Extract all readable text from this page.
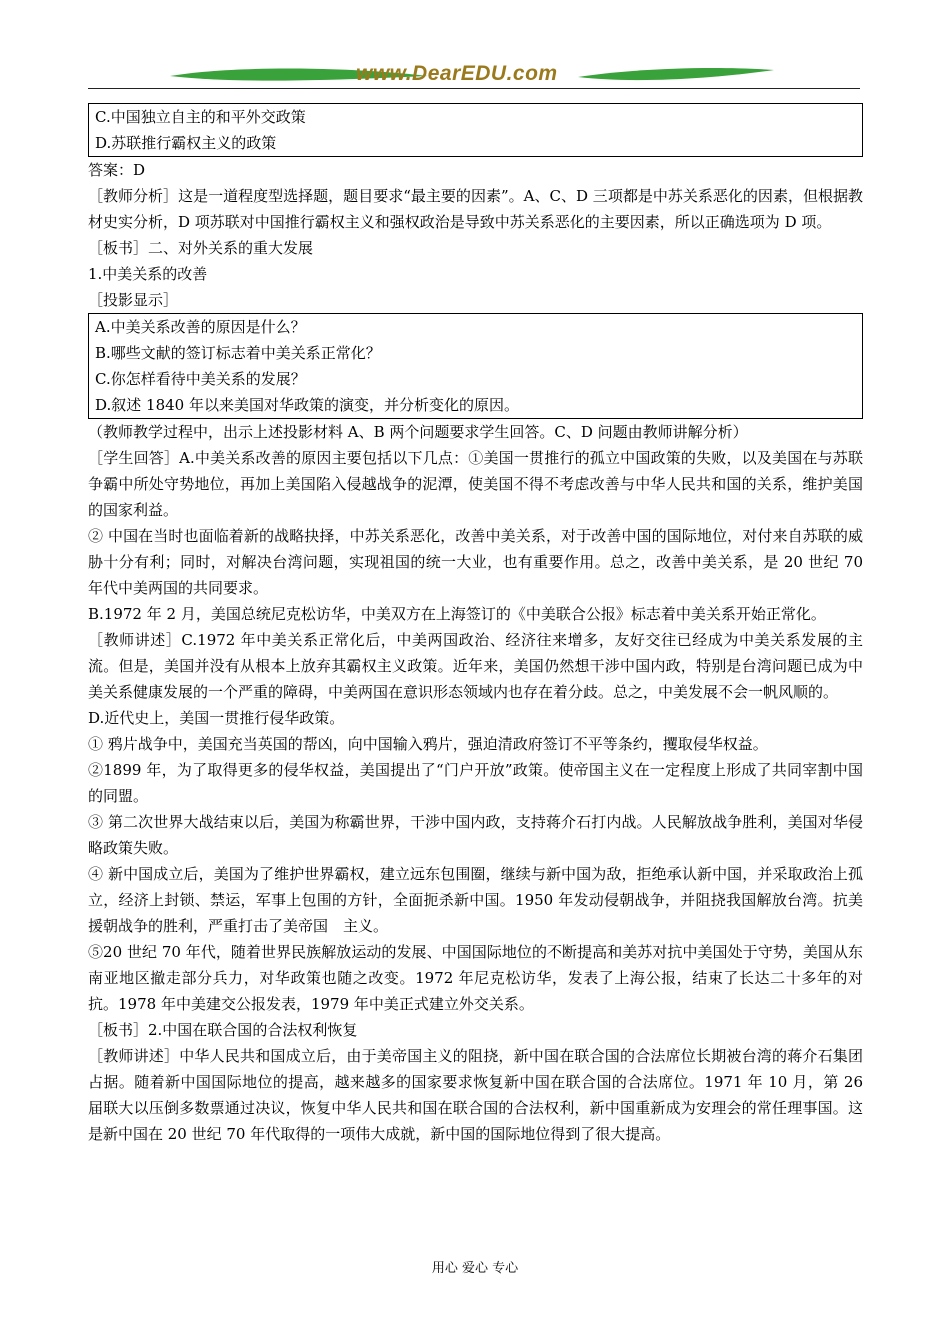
www.DearEDU.com
C.中国独立自主的和平外交政策
D.苏联推行霸权主义的政策
答案：D
［教师分析］这是一道程度型选择题，题目要求“最主要的因素”。A、C、D 三项都是中苏关系恶化的因素，但根据教材史实分析，D 项苏联对中国推行霸权主义和强权政治是导致中苏关系恶化的主要因素，所以正确选项为 D 项。
［板书］二、对外关系的重大发展
1.中美关系的改善
［投影显示］
A.中美关系改善的原因是什么？
B.哪些文献的签订标志着中美关系正常化？
C.你怎样看待中美关系的发展？
D.叙述 1840 年以来美国对华政策的演变，并分析变化的原因。
（教师教学过程中，出示上述投影材料 A、B 两个问题要求学生回答。C、D 问题由教师讲解分析）
［学生回答］A.中美关系改善的原因主要包括以下几点：①美国一贯推行的孤立中国政策的失败，以及美国在与苏联争霸中所处守势地位，再加上美国陷入侵越战争的泥潭，使美国不得不考虑改善与中华人民共和国的关系，维护美国的国家利益。
② 中国在当时也面临着新的战略抉择，中苏关系恶化，改善中美关系，对于改善中国的国际地位，对付来自苏联的威胁十分有利；同时，对解决台湾问题，实现祖国的统一大业，也有重要作用。总之，改善中美关系，是 20 世纪 70 年代中美两国的共同要求。
B.1972 年 2 月，美国总统尼克松访华，中美双方在上海签订的《中美联合公报》标志着中美关系开始正常化。
［教师讲述］C.1972 年中美关系正常化后，中美两国政治、经济往来增多，友好交往已经成为中美关系发展的主流。但是，美国并没有从根本上放弃其霸权主义政策。近年来，美国仍然想干涉中国内政，特别是台湾问题已成为中美关系健康发展的一个严重的障碍，中美两国在意识形态领域内也存在着分歧。总之，中美发展不会一帆风顺的。
D.近代史上，美国一贯推行侵华政策。
① 鸦片战争中，美国充当英国的帮凶，向中国输入鸦片，强迫清政府签订不平等条约，攫取侵华权益。
②1899 年，为了取得更多的侵华权益，美国提出了“门户开放”政策。使帝国主义在一定程度上形成了共同宰割中国的同盟。
③ 第二次世界大战结束以后，美国为称霸世界，干涉中国内政，支持蒋介石打内战。人民解放战争胜利，美国对华侵略政策失败。
④ 新中国成立后，美国为了维护世界霸权，建立远东包围圈，继续与新中国为敌，拒绝承认新中国，并采取政治上孤立，经济上封锁、禁运，军事上包围的方针，全面扼杀新中国。1950 年发动侵朝战争，并阻挠我国解放台湾。抗美援朝战争的胜利，严重打击了美帝国　主义。
⑤20 世纪 70 年代，随着世界民族解放运动的发展、中国国际地位的不断提高和美苏对抗中美国处于守势，美国从东南亚地区撤走部分兵力，对华政策也随之改变。1972 年尼克松访华，发表了上海公报，结束了长达二十多年的对抗。1978 年中美建交公报发表，1979 年中美正式建立外交关系。
［板书］2.中国在联合国的合法权利恢复
［教师讲述］中华人民共和国成立后，由于美帝国主义的阻挠，新中国在联合国的合法席位长期被台湾的蒋介石集团占据。随着新中国国际地位的提高，越来越多的国家要求恢复新中国在联合国的合法席位。1971 年 10 月，第 26 届联大以压倒多数票通过决议，恢复中华人民共和国在联合国的合法权利，新中国重新成为安理会的常任理事国。这是新中国在 20 世纪 70 年代取得的一项伟大成就，新中国的国际地位得到了很大提高。
用心 爱心 专心
